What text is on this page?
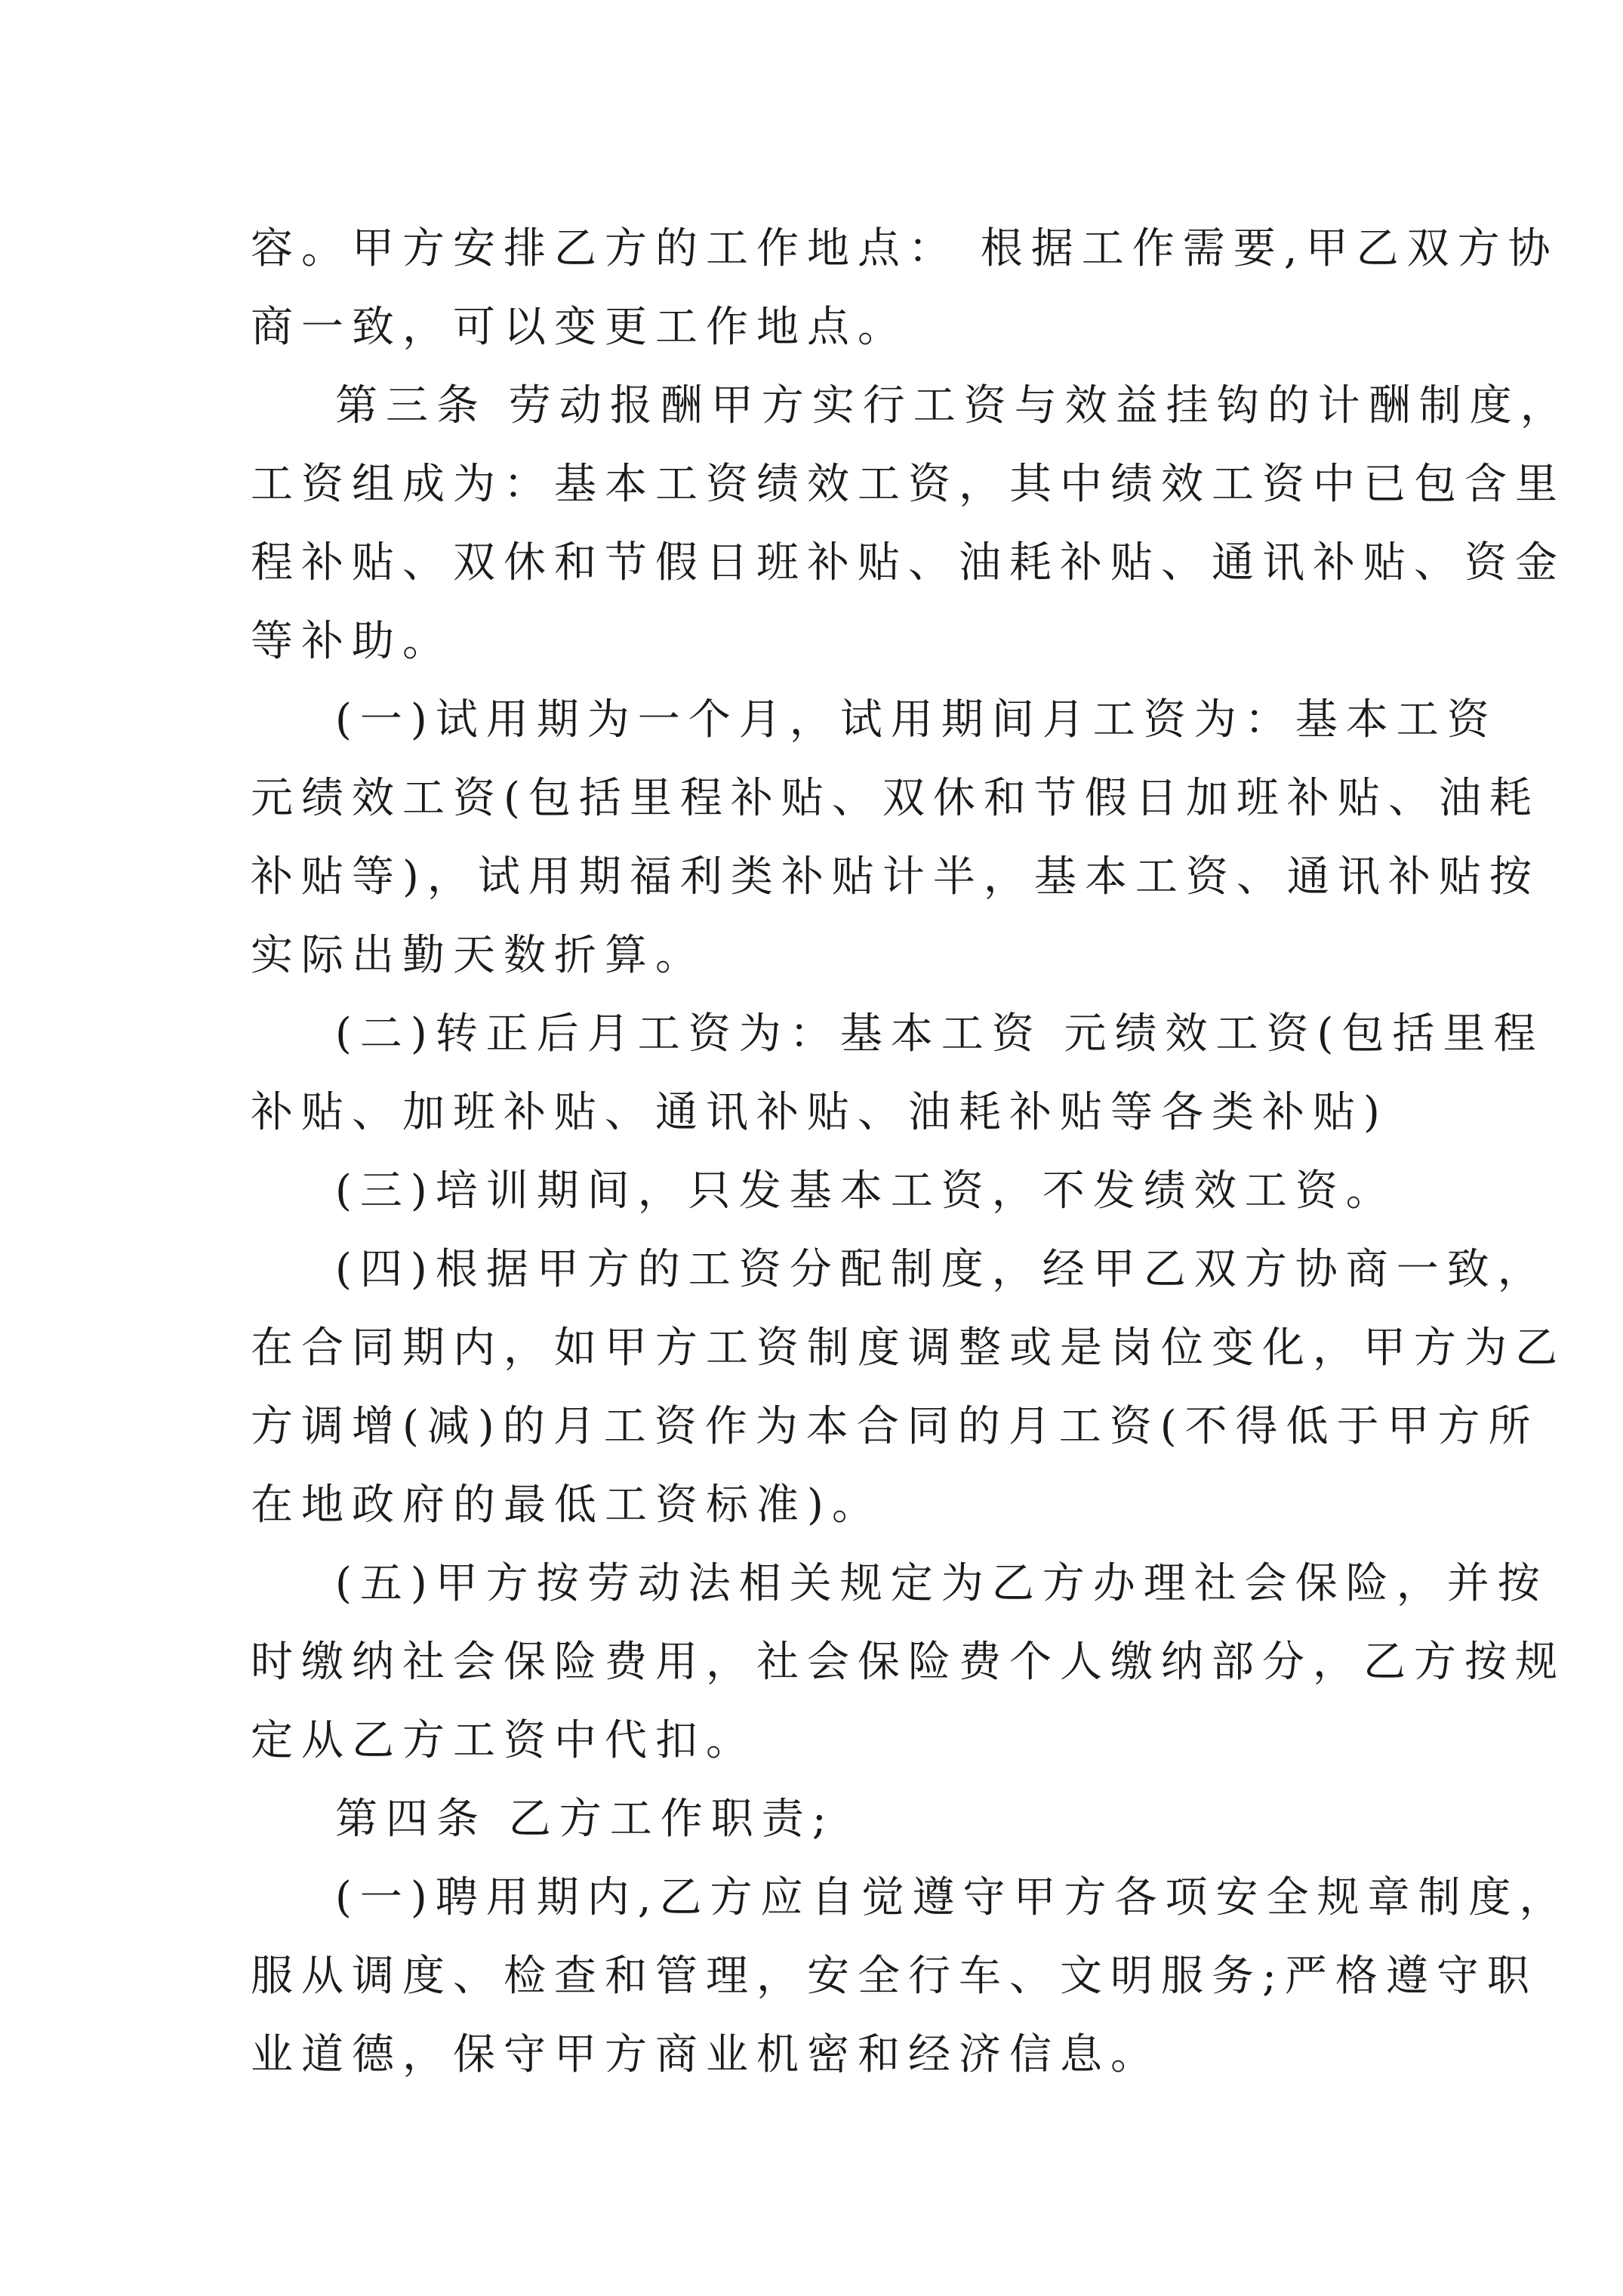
容。甲方安排乙方的工作地点： 根据工作需要,甲乙双方协
商一致，可以变更工作地点。
第三条 劳动报酬甲方实行工资与效益挂钩的计酬制度，
工资组成为：基本工资绩效工资，其中绩效工资中已包含里
程补贴、双休和节假日班补贴、油耗补贴、通讯补贴、资金
等补助。
(一)试用期为一个月，试用期间月工资为：基本工资
元绩效工资(包括里程补贴、双休和节假日加班补贴、油耗
补贴等)，试用期福利类补贴计半，基本工资、通讯补贴按
实际出勤天数折算。
(二)转正后月工资为：基本工资 元绩效工资(包括里程
补贴、加班补贴、通讯补贴、油耗补贴等各类补贴)
(三)培训期间，只发基本工资，不发绩效工资。
(四)根据甲方的工资分配制度，经甲乙双方协商一致，
在合同期内，如甲方工资制度调整或是岗位变化，甲方为乙
方调增(减)的月工资作为本合同的月工资(不得低于甲方所
在地政府的最低工资标准)。
(五)甲方按劳动法相关规定为乙方办理社会保险，并按
时缴纳社会保险费用，社会保险费个人缴纳部分，乙方按规
定从乙方工资中代扣。
第四条 乙方工作职责;
(一)聘用期内,乙方应自觉遵守甲方各项安全规章制度，
服从调度、检查和管理，安全行车、文明服务;严格遵守职
业道德，保守甲方商业机密和经济信息。
